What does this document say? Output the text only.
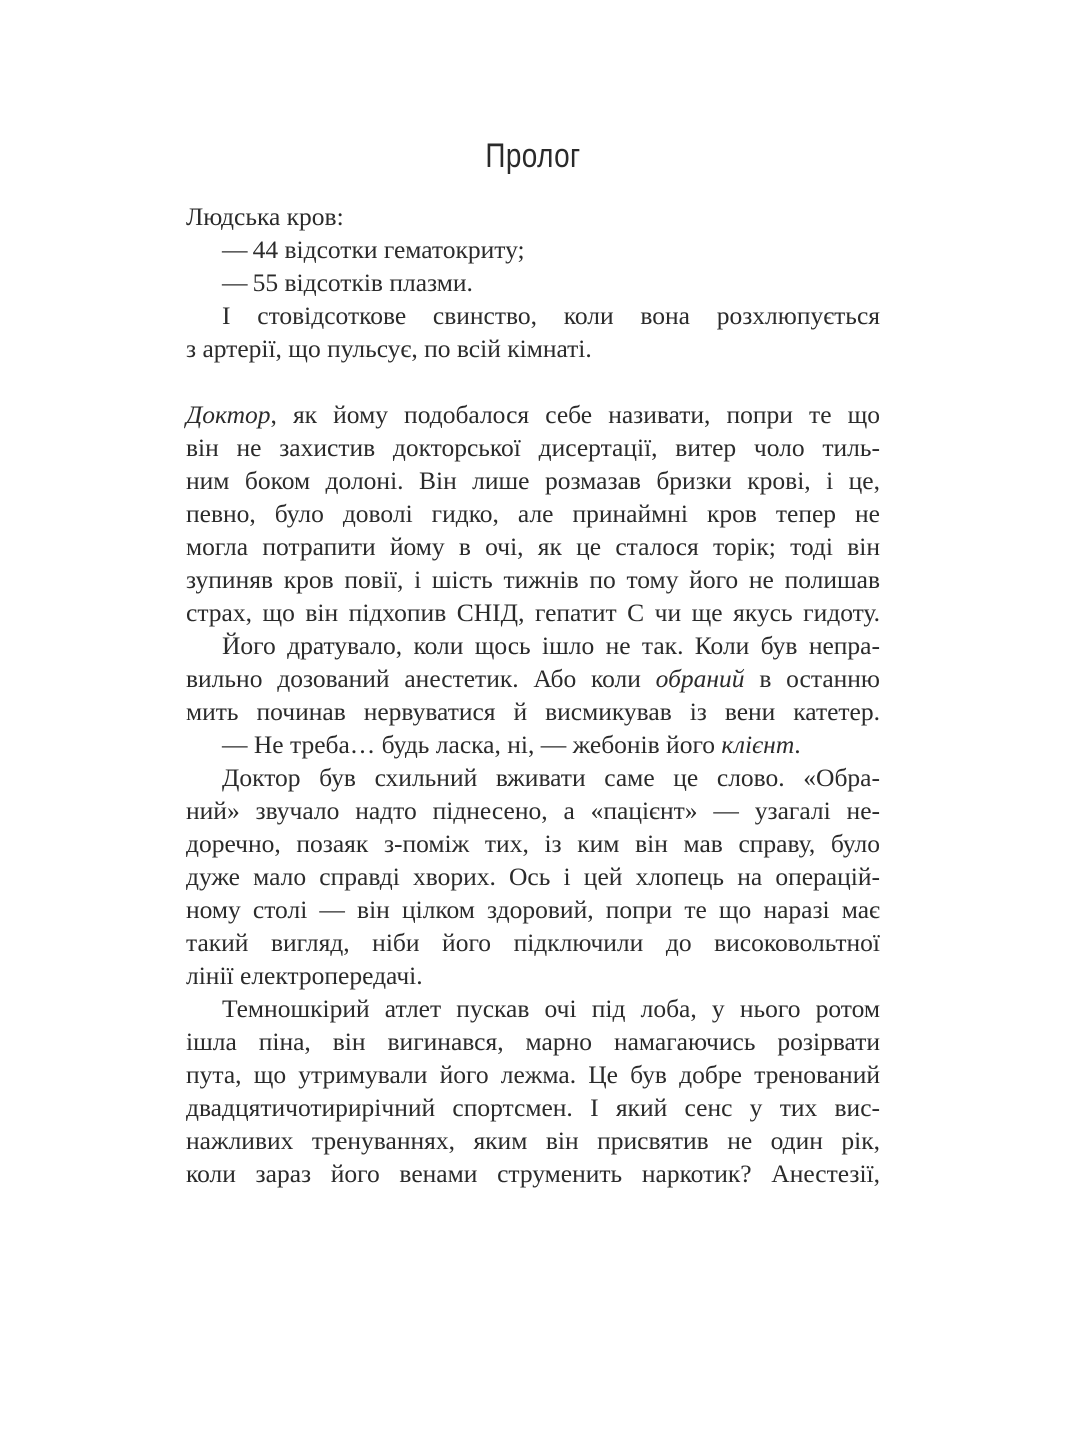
Пролог
Людська кров:
— 44 відсотки гематокриту;
— 55 відсотків плазми.
І стовідсоткове свинство, коли вона розхлюпується
з артерії, що пульсує, по всій кімнаті.
Доктор, як йому подобалося себе називати, попри те що
він не захистив докторської дисертації, витер чоло тиль-
ним боком долоні. Він лише розмазав бризки крові, і це,
певно, було доволі гидко, але принаймні кров тепер не
могла потрапити йому в очі, як це сталося торік; тоді він
зупиняв кров повії, і шість тижнів по тому його не полишав
страх, що він підхопив СНІД, гепатит С чи ще якусь гидоту.
Його дратувало, коли щось ішло не так. Коли був непра-
вильно дозований анестетик. Або коли обраний в останню
мить починав нервуватися й висмикував із вени катетер.
— Не треба… будь ласка, ні, — жебонів його клієнт.
Доктор був схильний вживати саме це слово. «Обра-
ний» звучало надто піднесено, а «пацієнт» — узагалі не-
доречно, позаяк з-поміж тих, із ким він мав справу, було
дуже мало справді хворих. Ось і цей хлопець на операцій-
ному столі — він цілком здоровий, попри те що наразі має
такий вигляд, ніби його підключили до високовольтної
лінії електропередачі.
Темношкірий атлет пускав очі під лоба, у нього ротом
ішла піна, він вигинався, марно намагаючись розірвати
пута, що утримували його лежма. Це був добре тренований
двадцятичотирирічний спортсмен. І який сенс у тих вис-
нажливих тренуваннях, яким він присвятив не один рік,
коли зараз його венами струменить наркотик? Анестезії,
